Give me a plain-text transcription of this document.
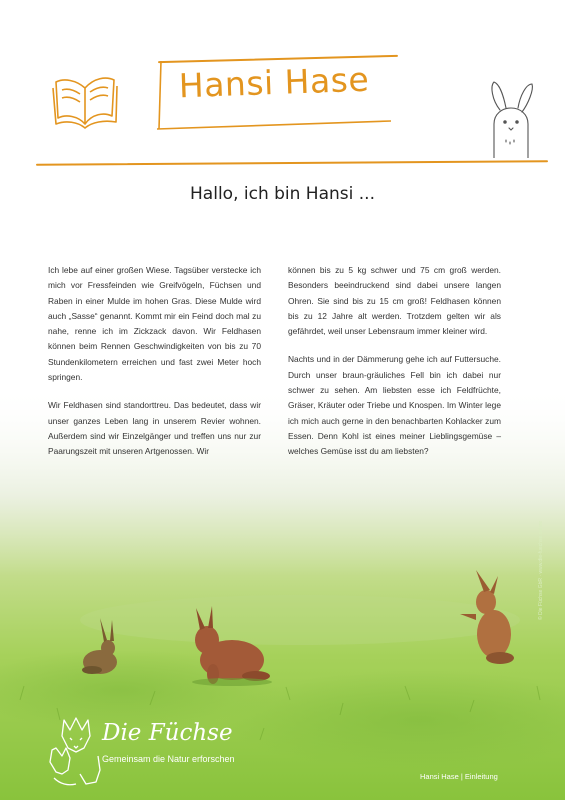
Hansi Hase
Hallo, ich bin Hansi ...

Ich lebe auf einer großen Wiese. Tagsüber verstecke ich mich vor Fressfeinden wie Greifvögeln, Füchsen und Raben in einer Mulde im hohen Gras. Diese Mulde wird auch „Sasse“ genannt. Kommt mir ein Feind doch mal zu nahe, renne ich im Zickzack davon. Wir Feldhasen können beim Rennen Geschwindigkeiten von bis zu 70 Stundenkilometern erreichen und fast zwei Meter hoch springen.

Wir Feldhasen sind standorttreu. Das bedeutet, dass wir unser ganzes Leben lang in unserem Revier wohnen. Außerdem sind wir Einzelgänger und treffen uns nur zur Paarungszeit mit unseren Artgenossen. Wir

können bis zu 5 kg schwer und 75 cm groß werden. Besonders beeindruckend sind dabei unsere langen Ohren. Sie sind bis zu 15 cm groß! Feldhasen können bis zu 12 Jahre alt werden. Trotzdem gelten wir als gefährdet, weil unser Lebensraum immer kleiner wird.

Nachts und in der Dämmerung gehe ich auf Futtersuche. Durch unser braun-gräuliches Fell bin ich dabei nur schwer zu sehen. Am liebsten esse ich Feldfrüchte, Gräser, Kräuter oder Triebe und Knospen. Im Winter lege ich mich auch gerne in den benachbarten Kohlacker zum Essen. Denn Kohl ist eines meiner Lieblingsgemüse – welches Gemüse isst du am liebsten?

Die Füchse
Gemeinsam die Natur erforschen
Hansi Hase | Einleitung
© Die Füchse GbR · www.die-fuechse.online
